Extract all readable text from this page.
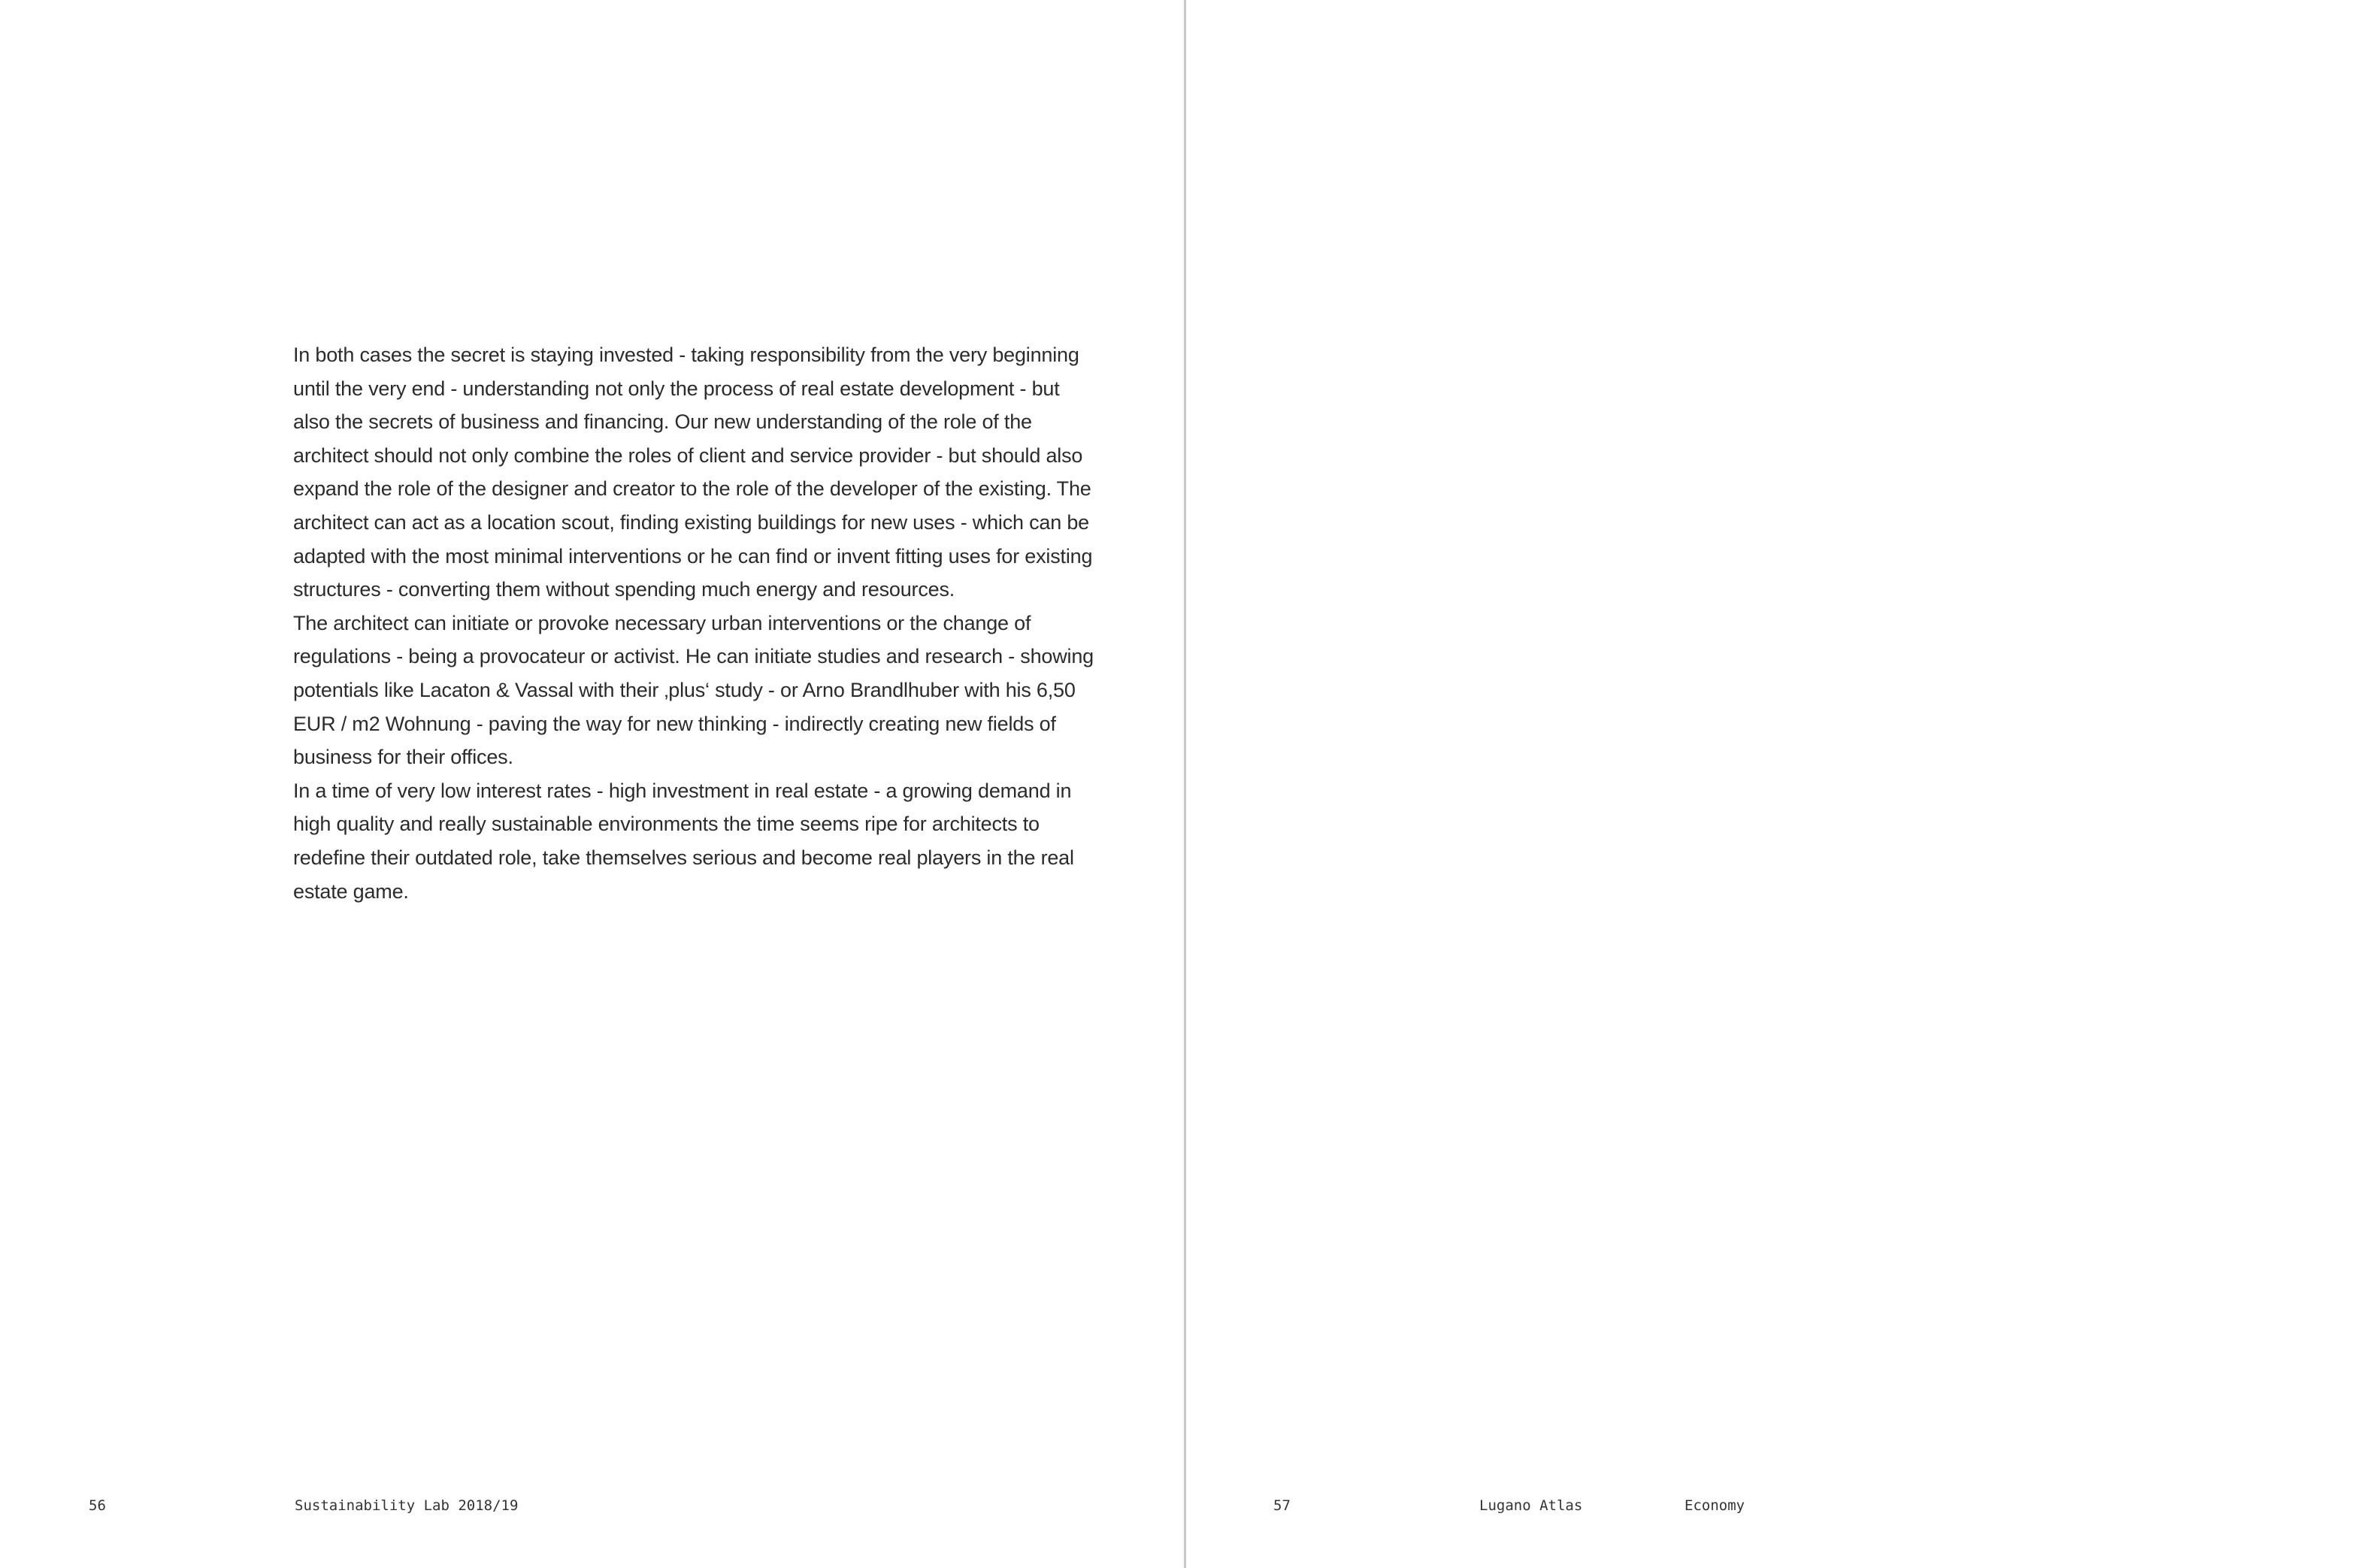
In both cases the secret is staying invested - taking responsibility from the very beginning until the very end - understanding not only the process of real estate development - but also the secrets of business and financing. Our new understanding of the role of the architect should not only combine the roles of client and service provider - but should also expand the role of the designer and creator to the role of the developer of the existing. The architect can act as a location scout, finding existing buildings for new uses - which can be adapted with the most minimal interventions or he can find or invent fitting uses for existing structures - converting them without spending much energy and resources.

The architect can initiate or provoke necessary urban interventions or the change of regulations - being a provocateur or activist. He can initiate studies and research - showing potentials like Lacaton & Vassal with their ‚plus‘ study - or Arno Brandlhuber with his 6,50 EUR / m2 Wohnung - paving the way for new thinking - indirectly creating new fields of business for their offices.

In a time of very low interest rates - high investment in real estate - a growing demand in high quality and really sustainable environments the time seems ripe for architects to redefine their outdated role, take themselves serious and become real players in the real estate game.

56	Sustainability Lab 2018/19	57	Lugano Atlas	Economy
